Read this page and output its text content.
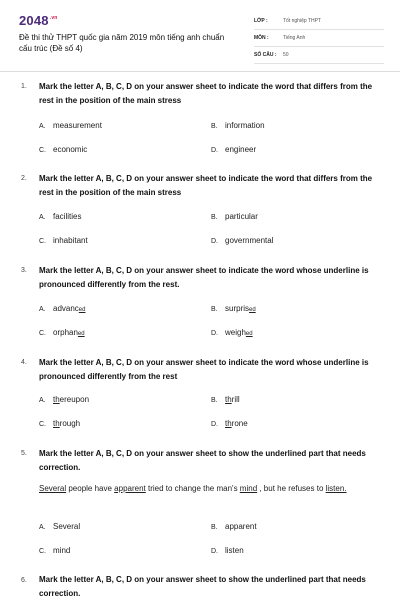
$2048^{.vn}$
Đề thi thử THPT quốc gia năm 2019 môn tiếng anh chuẩn cấu trúc (Đề số 4)
LỚP :	Tốt nghiệp THPT
MÔN :	Tiếng Anh
SỐ CÂU :	50
1. Mark the letter A, B, C, D on your answer sheet to indicate the word that differs from the rest in the position of the main stress
A. measurement	B. information
C. economic	D. engineer
2. Mark the letter A, B, C, D on your answer sheet to indicate the word that differs from the rest in the position of the main stress
A. facilities	B. particular
C. inhabitant	D. governmental
3. Mark the letter A, B, C, D on your answer sheet to indicate the word whose underline is pronounced differently from the rest.
A. advanced	B. surprised
C. orphaned	D. weighed
4. Mark the letter A, B, C, D on your answer sheet to indicate the word whose underline is pronounced differently from the rest
A. thereupon	B. thrill
C. through	D. throne
5. Mark the letter A, B, C, D on your answer sheet to show the underlined part that needs correction.
Several people have apparent tried to change the man's mind , but he refuses to listen.
A. Several	B. apparent
C. mind	D. listen
6. Mark the letter A, B, C, D on your answer sheet to show the underlined part that needs correction.
